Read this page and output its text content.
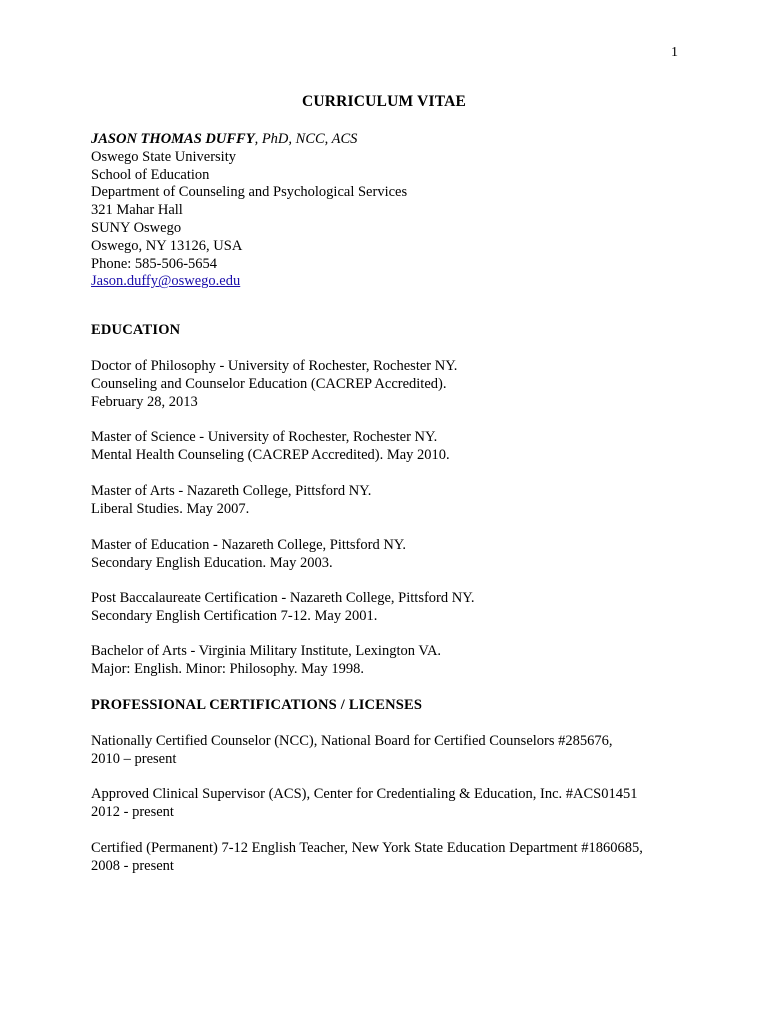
1
CURRICULUM VITAE
JASON THOMAS DUFFY, PhD, NCC, ACS
Oswego State University
School of Education
Department of Counseling and Psychological Services
321 Mahar Hall
SUNY Oswego
Oswego, NY 13126, USA
Phone: 585-506-5654
Jason.duffy@oswego.edu
EDUCATION
Doctor of Philosophy - University of Rochester, Rochester NY.
Counseling and Counselor Education (CACREP Accredited).
February 28, 2013
Master of Science - University of Rochester, Rochester NY.
Mental Health Counseling (CACREP Accredited). May 2010.
Master of Arts - Nazareth College, Pittsford NY.
Liberal Studies. May 2007.
Master of Education - Nazareth College, Pittsford NY.
Secondary English Education. May 2003.
Post Baccalaureate Certification - Nazareth College, Pittsford NY.
Secondary English Certification 7-12. May 2001.
Bachelor of Arts - Virginia Military Institute, Lexington VA.
Major: English. Minor: Philosophy. May 1998.
PROFESSIONAL CERTIFICATIONS / LICENSES
Nationally Certified Counselor (NCC), National Board for Certified Counselors #285676,
2010 – present
Approved Clinical Supervisor (ACS), Center for Credentialing & Education, Inc. #ACS01451
2012 - present
Certified (Permanent) 7-12 English Teacher, New York State Education Department #1860685,
2008 - present
